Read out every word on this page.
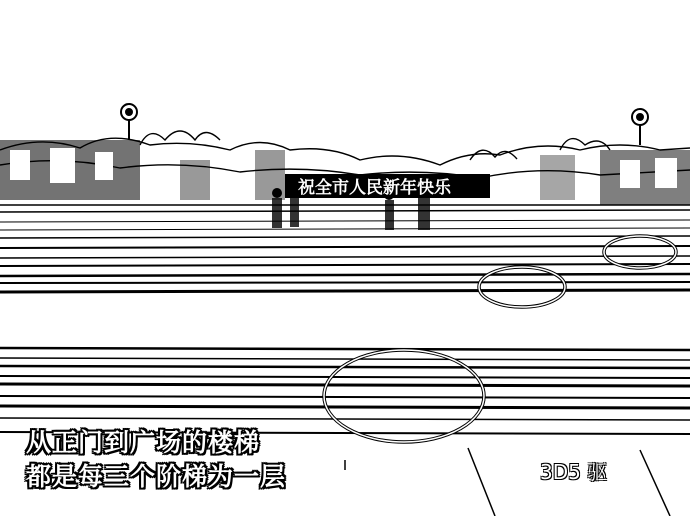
祝全市人民新年快乐
从正门到广场的楼梯
都是每三个阶梯为一层	3D5 驱
